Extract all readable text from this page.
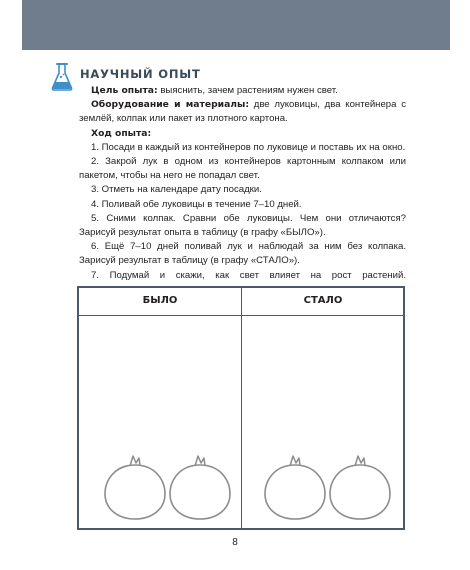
НАУЧНЫЙ ОПЫТ

Цель опыта: выяснить, зачем растениям нужен свет.

Оборудование и материалы: две луковицы, два контейнера с землёй, колпак или пакет из плотного картона.

Ход опыта:

1. Посади в каждый из контейнеров по луковице и поставь их на окно.

2. Закрой лук в одном из контейнеров картонным колпаком или пакетом, чтобы на него не попадал свет.

3. Отметь на календаре дату посадки.

4. Поливай обе луковицы в течение 7–10 дней.

5. Сними колпак. Сравни обе луковицы. Чем они отличаются? Зарисуй результат опыта в таблицу (в графу «БЫЛО»).

6. Ещё 7–10 дней поливай лук и наблюдай за ним без колпака. Зарисуй результат в таблицу (в графу «СТАЛО»).

7. Подумай и скажи, как свет влияет на рост растений.

БЫЛО	СТАЛО
8
